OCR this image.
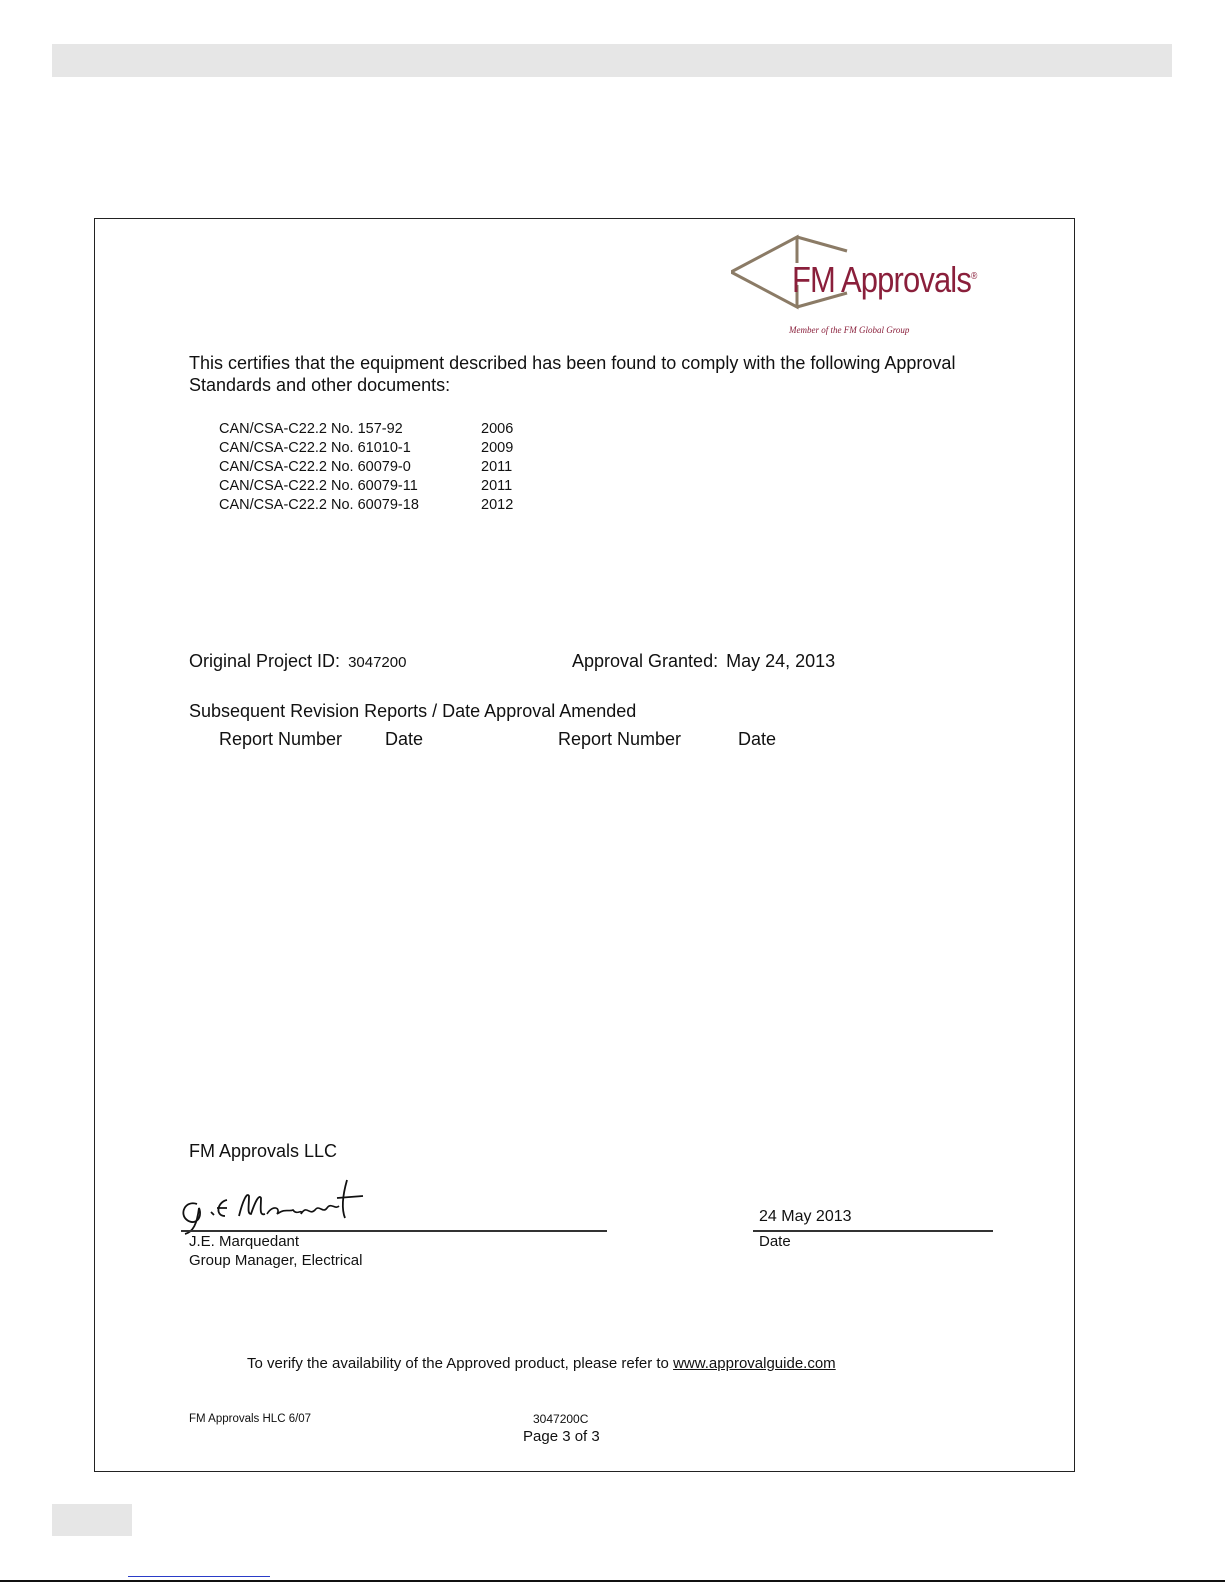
FM Approvals®
Member of the FM Global Group
This certifies that the equipment described has been found to comply with the following Approval Standards and other documents:
CAN/CSA-C22.2 No. 157-92	2006
CAN/CSA-C22.2 No. 61010-1	2009
CAN/CSA-C22.2 No. 60079-0	2011
CAN/CSA-C22.2 No. 60079-11	2011
CAN/CSA-C22.2 No. 60079-18	2012
Original Project ID: 3047200	Approval Granted: May 24, 2013
Subsequent Revision Reports / Date Approval Amended
Report Number Date	Report Number	Date
FM Approvals LLC
24 May 2013
J.E. Marquedant
Group Manager, Electrical
Date
To verify the availability of the Approved product, please refer to www.approvalguide.com
FM Approvals HLC 6/07	3047200C
Page 3 of 3
